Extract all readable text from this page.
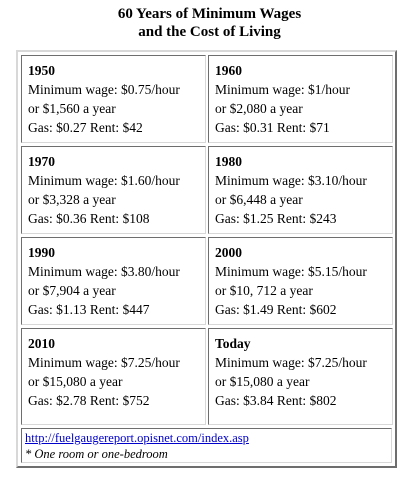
60 Years of Minimum Wages
and the Cost of Living
1950
Minimum wage: $0.75/hour
or $1,560 a year
Gas: $0.27 Rent: $42
1960
Minimum wage: $1/hour
or $2,080 a year
Gas: $0.31 Rent: $71
1970
Minimum wage: $1.60/hour
or $3,328 a year
Gas: $0.36 Rent: $108
1980
Minimum wage: $3.10/hour
or $6,448 a year
Gas: $1.25 Rent: $243
1990
Minimum wage: $3.80/hour
or $7,904 a year
Gas: $1.13 Rent: $447
2000
Minimum wage: $5.15/hour
or $10, 712 a year
Gas: $1.49 Rent: $602
2010
Minimum wage: $7.25/hour
or $15,080 a year
Gas: $2.78 Rent: $752
Today
Minimum wage: $7.25/hour
or $15,080 a year
Gas: $3.84 Rent: $802
http://fuelgaugereport.opisnet.com/index.asp
* One room or one-bedroom
